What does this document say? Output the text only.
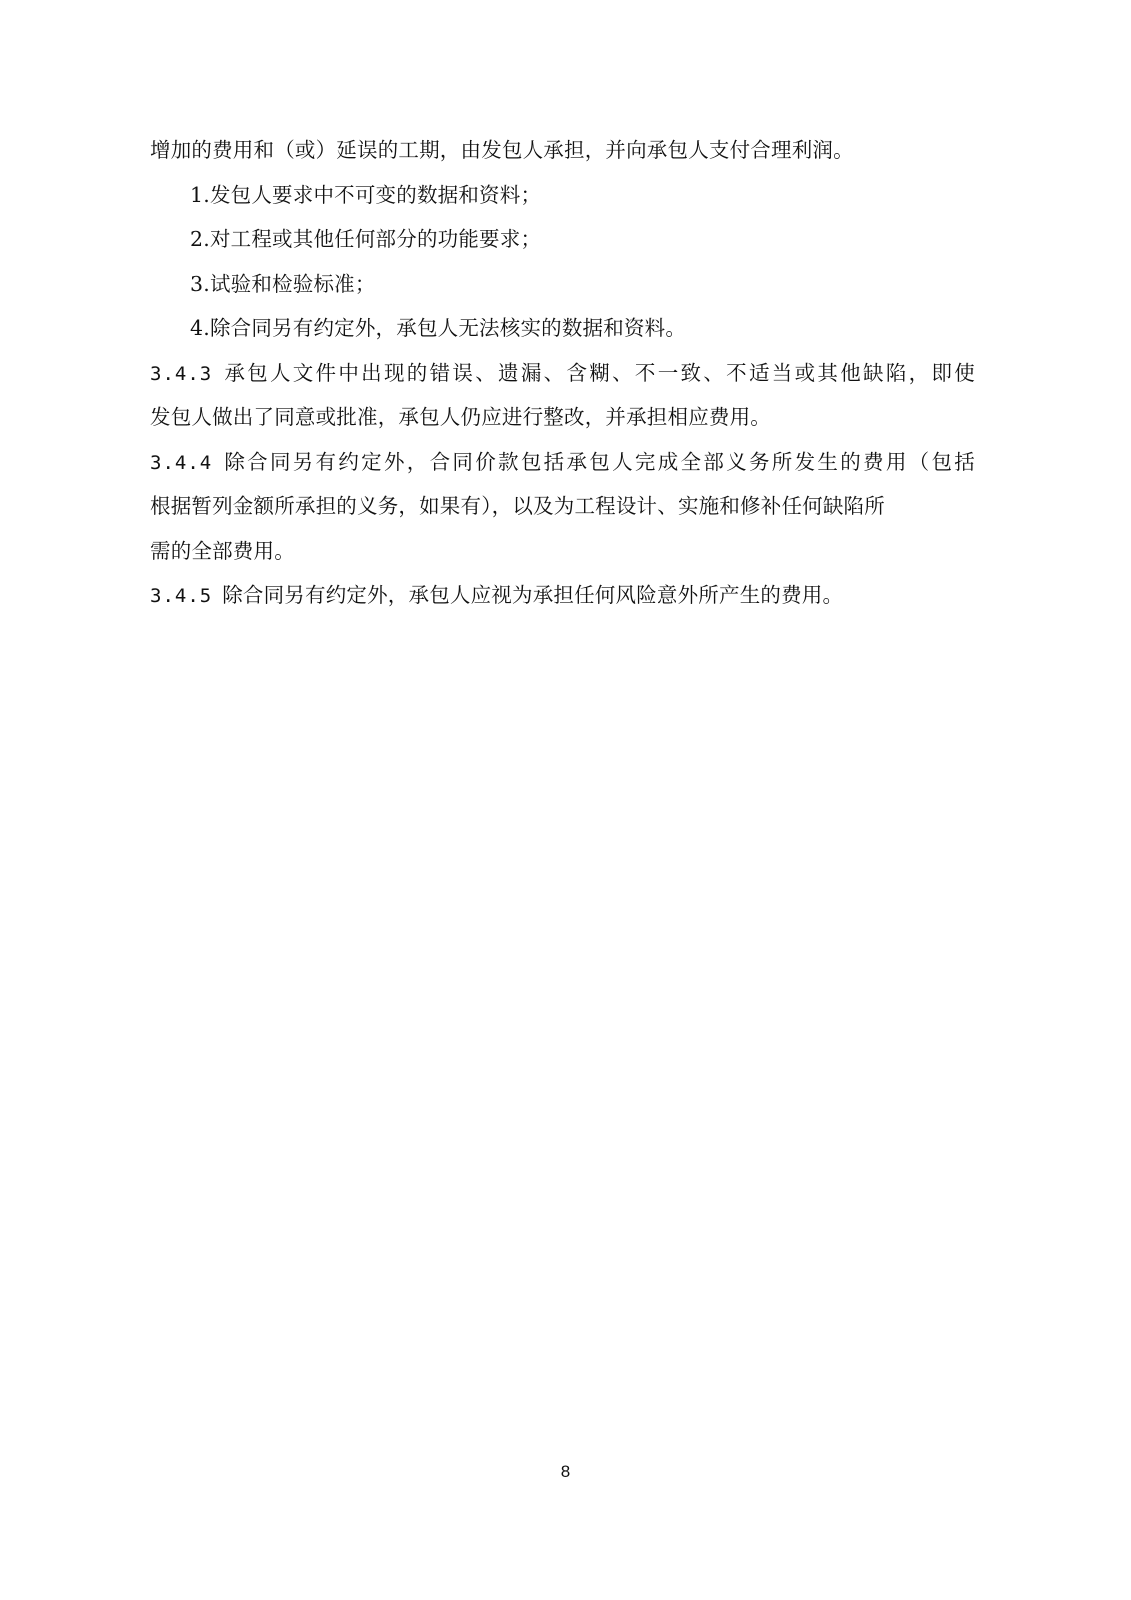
增加的费用和（或）延误的工期，由发包人承担，并向承包人支付合理利润。
1.发包人要求中不可变的数据和资料；
2.对工程或其他任何部分的功能要求；
3.试验和检验标准；
4.除合同另有约定外，承包人无法核实的数据和资料。
3.4.3 承包人文件中出现的错误、遗漏、含糊、不一致、不适当或其他缺陷，即使
发包人做出了同意或批准，承包人仍应进行整改，并承担相应费用。
3.4.4 除合同另有约定外，合同价款包括承包人完成全部义务所发生的费用（包括
根据暂列金额所承担的义务，如果有），以及为工程设计、实施和修补任何缺陷所
需的全部费用。
3.4.5 除合同另有约定外，承包人应视为承担任何风险意外所产生的费用。
8
